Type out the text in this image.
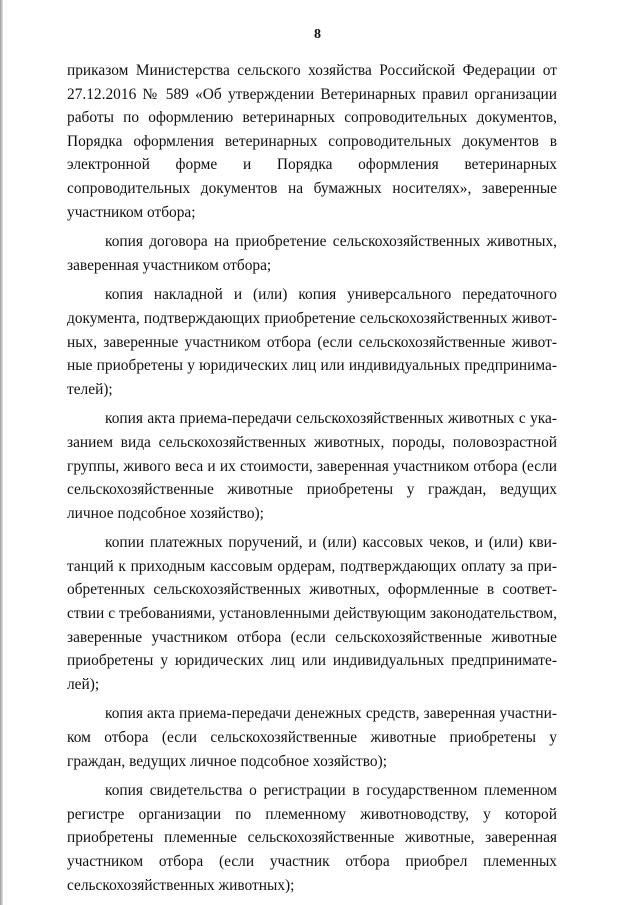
8

приказом Министерства сельского хозяйства Российской Федерации от 27.12.2016 № 589 «Об утверждении Ветеринарных правил организации работы по оформлению ветеринарных сопроводительных документов, Порядка оформления ветеринарных сопроводительных документов в электронной форме и Порядка оформления ветеринарных сопроводительных документов на бумажных носителях», заверенные участником отбора;

копия договора на приобретение сельскохозяйственных животных, заверенная участником отбора;

копия накладной и (или) копия универсального передаточного документа, подтверждающих приобретение сельскохозяйственных животных, заверенные участником отбора (если сельскохозяйственные животные приобретены у юридических лиц или индивидуальных предпринимателей);

копия акта приема-передачи сельскохозяйственных животных с указанием вида сельскохозяйственных животных, породы, половозрастной группы, живого веса и их стоимости, заверенная участником отбора (если сельскохозяйственные животные приобретены у граждан, ведущих личное подсобное хозяйство);

копии платежных поручений, и (или) кассовых чеков, и (или) квитанций к приходным кассовым ордерам, подтверждающих оплату за приобретенных сельскохозяйственных животных, оформленные в соответствии с требованиями, установленными действующим законодательством, заверенные участником отбора (если сельскохозяйственные животные приобретены у юридических лиц или индивидуальных предпринимателей);

копия акта приема-передачи денежных средств, заверенная участником отбора (если сельскохозяйственные животные приобретены у граждан, ведущих личное подсобное хозяйство);

копия свидетельства о регистрации в государственном племенном регистре организации по племенному животноводству, у которой приобретены племенные сельскохозяйственные животные, заверенная участником отбора (если участник отбора приобрел племенных сельскохозяйственных животных);
